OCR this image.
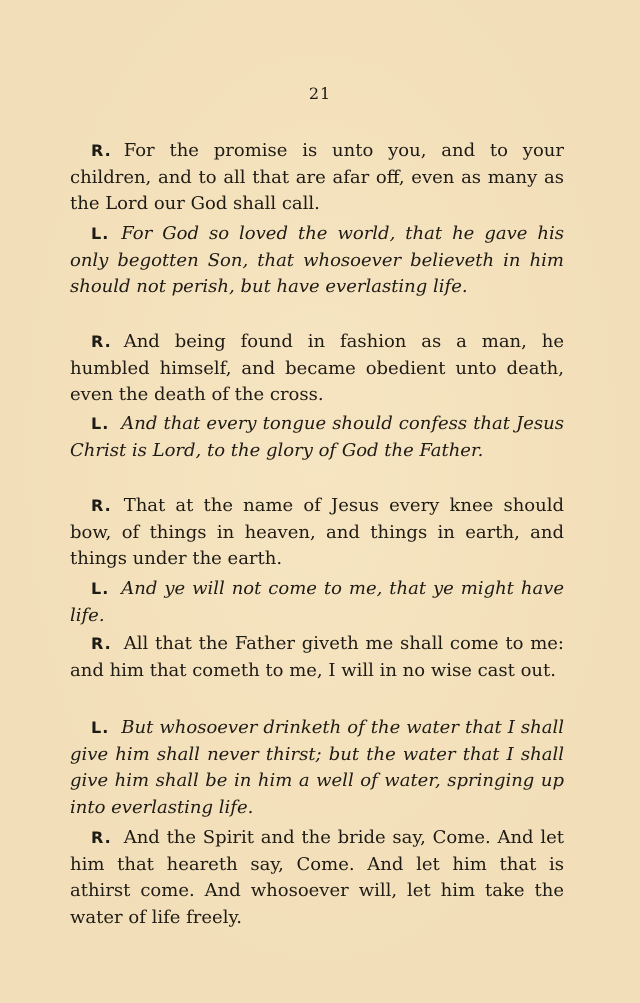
21

R. For the promise is unto you, and to your children, and to all that are afar off, even as many as the Lord our God shall call.

L. For God so loved the world, that he gave his only begotten Son, that whosoever believeth in him should not perish, but have everlasting life.

R. And being found in fashion as a man, he humbled himself, and became obedient unto death, even the death of the cross.

L. And that every tongue should confess that Jesus Christ is Lord, to the glory of God the Father.

R. That at the name of Jesus every knee should bow, of things in heaven, and things in earth, and things under the earth.

L. And ye will not come to me, that ye might have life.

R. All that the Father giveth me shall come to me: and him that cometh to me, I will in no wise cast out.

L. But whosoever drinketh of the water that I shall give him shall never thirst; but the water that I shall give him shall be in him a well of water, springing up into everlasting life.

R. And the Spirit and the bride say, Come. And let him that heareth say, Come. And let him that is athirst come. And whosoever will, let him take the water of life freely.
